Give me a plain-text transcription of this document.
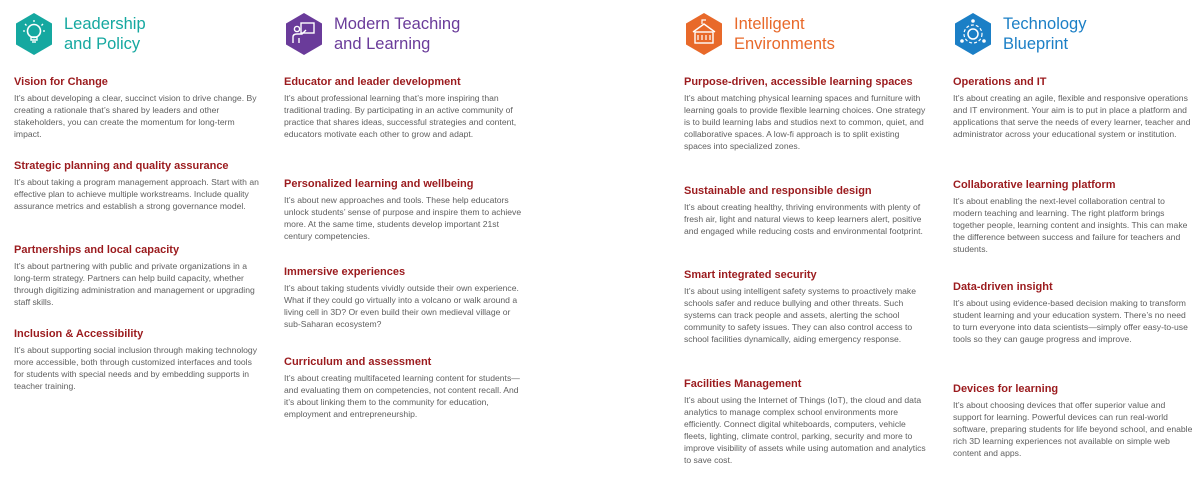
Leadership
and Policy
Vision for Change

It’s about developing a clear, succinct vision to drive change. By creating a rationale that’s shared by leaders and other stakeholders, you can create the momentum for long-term impact.

Strategic planning and quality assurance

It’s about taking a program management approach. Start with an effective plan to achieve multiple workstreams. Include quality assurance metrics and establish a strong governance model.

Partnerships and local capacity

It’s about partnering with public and private organizations in a long-term strategy. Partners can help build capacity, whether through digitizing administration and management or upgrading staff skills.

Inclusion & Accessibility

It’s about supporting social inclusion through making technology more accessible, both through customized interfaces and tools for students with special needs and by embedding supports in teacher training.

Modern Teaching
and Learning
Educator and leader development

It’s about professional learning that’s more inspiring than traditional trading. By participating in an active community of practice that shares ideas, successful strategies and content, educators motivate each other to grow and adapt.

Personalized learning and wellbeing

It’s about new approaches and tools. These help educators unlock students’ sense of purpose and inspire them to achieve more. At the same time, students develop important 21st century competencies.

Immersive experiences

It’s about taking students vividly outside their own experience. What if they could go virtually into a volcano or walk around a living cell in 3D? Or even build their own medieval village or sub-Saharan ecosystem?

Curriculum and assessment

It’s about creating multifaceted learning content for students—and evaluating them on competencies, not content recall. And it’s about linking them to the community for education, employment and entrepreneurship.

Intelligent
Environments
Purpose-driven, accessible learning spaces

It’s about matching physical learning spaces and furniture with learning goals to provide flexible learning choices. One strategy is to build learning labs and studios next to common, quiet, and collaborative spaces. A low-fi approach is to split existing spaces into specialized zones.

Sustainable and responsible design

It’s about creating healthy, thriving environments with plenty of fresh air, light and natural views to keep learners alert, positive and engaged while reducing costs and environmental footprint.

Smart integrated security

It’s about using intelligent safety systems to proactively make schools safer and reduce bullying and other threats. Such systems can track people and assets, alerting the school community to safety issues. They can also control access to school facilities dynamically, aiding emergency response.

Facilities Management

It’s about using the Internet of Things (IoT), the cloud and data analytics to manage complex school environments more efficiently. Connect digital whiteboards, computers, vehicle fleets, lighting, climate control, parking, security and more to improve visibility of assets while using automation and analytics to save cost.

Technology
Blueprint
Operations and IT

It’s about creating an agile, flexible and responsive operations and IT environment. Your aim is to put in place a platform and applications that serve the needs of every learner, teacher and administrator across your educational system or institution.

Collaborative learning platform

It’s about enabling the next-level collaboration central to modern teaching and learning. The right platform brings together people, learning content and insights. This can make the difference between success and failure for teachers and students.

Data-driven insight

It’s about using evidence-based decision making to transform student learning and your education system. There’s no need to turn everyone into data scientists—simply offer easy-to-use tools so they can gauge progress and improve.

Devices for learning

It’s about choosing devices that offer superior value and support for learning. Powerful devices can run real-world software, preparing students for life beyond school, and enable rich 3D learning experiences not available on simple web content and apps.
